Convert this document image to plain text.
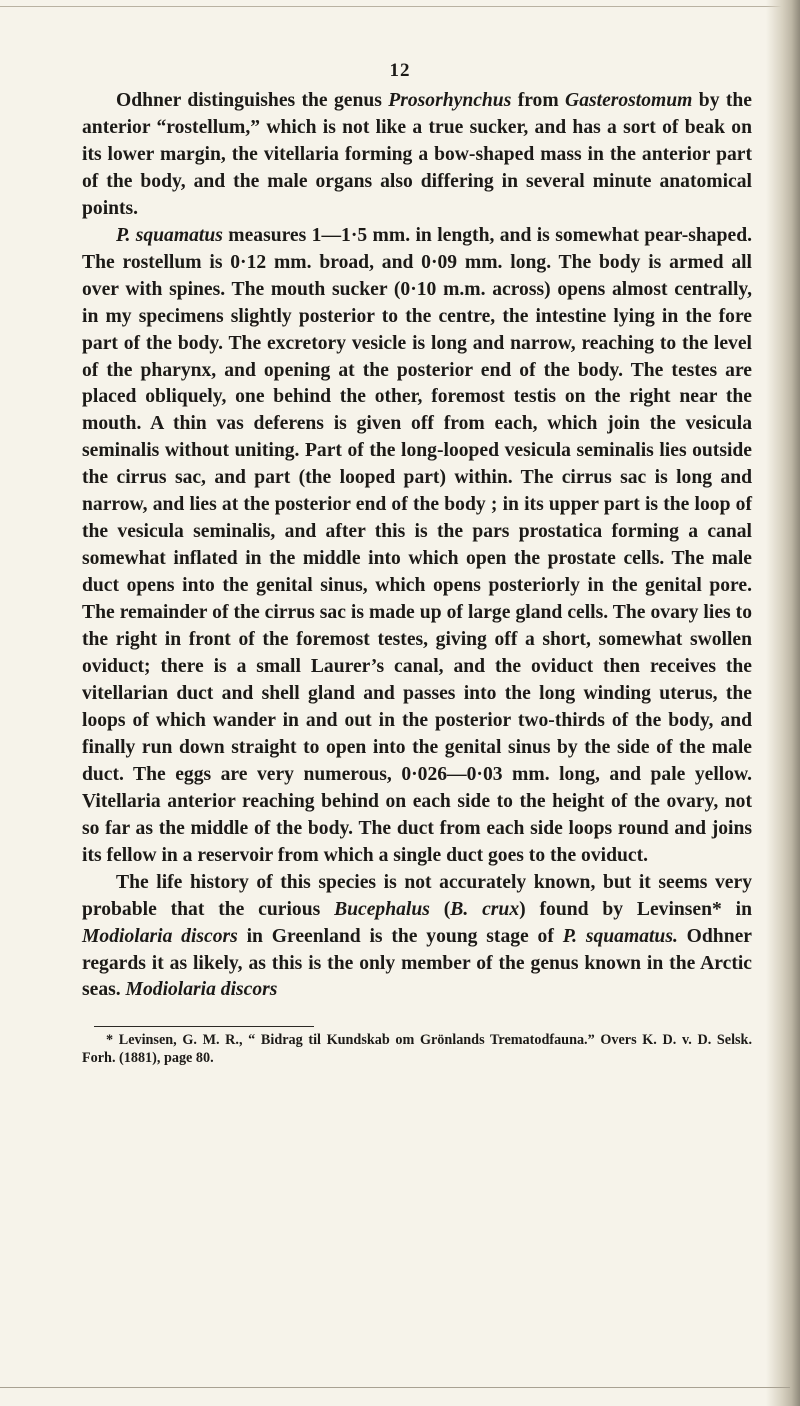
12

Odhner distinguishes the genus Prosorhynchus from Gasterostomum by the anterior “rostellum,” which is not like a true sucker, and has a sort of beak on its lower margin, the vitellaria forming a bow-shaped mass in the anterior part of the body, and the male organs also differing in several minute anatomical points.

P. squamatus measures 1—1·5 mm. in length, and is somewhat pear-shaped. The rostellum is 0·12 mm. broad, and 0·09 mm. long. The body is armed all over with spines. The mouth sucker (0·10 m.m. across) opens almost centrally, in my specimens slightly posterior to the centre, the intestine lying in the fore part of the body. The excretory vesicle is long and narrow, reaching to the level of the pharynx, and opening at the posterior end of the body. The testes are placed obliquely, one behind the other, foremost testis on the right near the mouth. A thin vas deferens is given off from each, which join the vesicula seminalis without uniting. Part of the long-looped vesicula seminalis lies outside the cirrus sac, and part (the looped part) within. The cirrus sac is long and narrow, and lies at the posterior end of the body ; in its upper part is the loop of the vesicula seminalis, and after this is the pars prostatica forming a canal somewhat inflated in the middle into which open the prostate cells. The male duct opens into the genital sinus, which opens posteriorly in the genital pore. The remainder of the cirrus sac is made up of large gland cells. The ovary lies to the right in front of the foremost testes, giving off a short, somewhat swollen oviduct; there is a small Laurer’s canal, and the oviduct then receives the vitellarian duct and shell gland and passes into the long winding uterus, the loops of which wander in and out in the posterior two-thirds of the body, and finally run down straight to open into the genital sinus by the side of the male duct. The eggs are very numerous, 0·026—0·03 mm. long, and pale yellow. Vitellaria anterior reaching behind on each side to the height of the ovary, not so far as the middle of the body. The duct from each side loops round and joins its fellow in a reservoir from which a single duct goes to the oviduct.

The life history of this species is not accurately known, but it seems very probable that the curious Bucephalus (B. crux) found by Levinsen* in Modiolaria discors in Greenland is the young stage of P. squamatus. Odhner regards it as likely, as this is the only member of the genus known in the Arctic seas. Modiolaria discors

* Levinsen, G. M. R., “ Bidrag til Kundskab om Grönlands Trematodfauna.” Overs K. D. v. D. Selsk. Forh. (1881), page 80.
